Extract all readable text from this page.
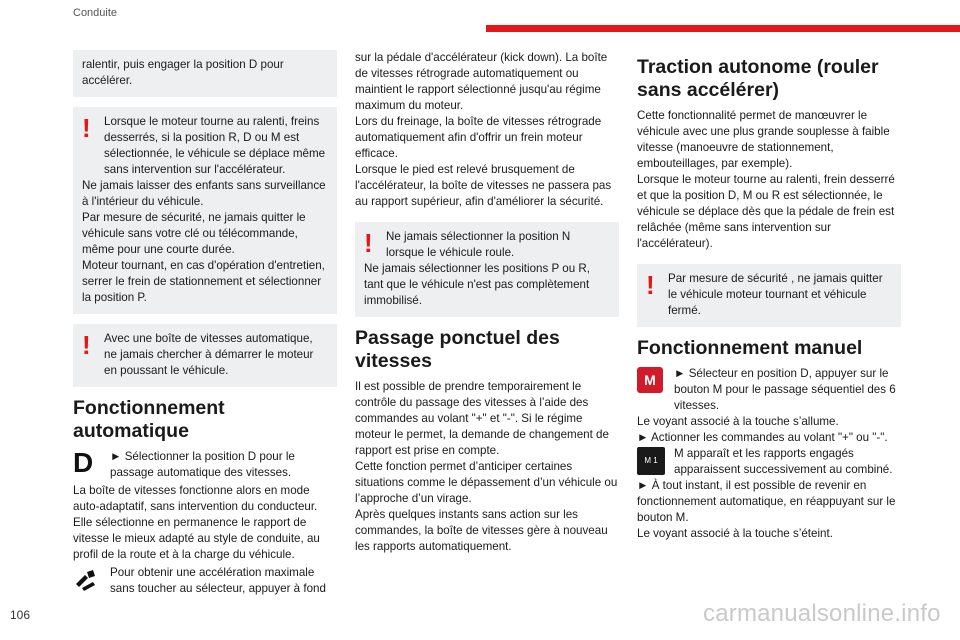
Conduite
ralentir, puis engager la position D pour accélérer.
!	Lorsque le moteur tourne au ralenti, freins desserrés, si la position R, D ou M est sélectionnée, le véhicule se déplace même sans intervention sur l'accélérateur.
Ne jamais laisser des enfants sans surveillance à l'intérieur du véhicule.
Par mesure de sécurité, ne jamais quitter le véhicule sans votre clé ou télécommande, même pour une courte durée.
Moteur tournant, en cas d'opération d'entretien, serrer le frein de stationnement et sélectionner la position P.
!	Avec une boîte de vitesses automatique, ne jamais chercher à démarrer le moteur en poussant le véhicule.
Fonctionnement automatique
D	► Sélectionner la position D pour le passage automatique des vitesses.
La boîte de vitesses fonctionne alors en mode auto-adaptatif, sans intervention du conducteur. Elle sélectionne en permanence le rapport de vitesse le mieux adapté au style de conduite, au profil de la route et à la charge du véhicule.
Pour obtenir une accélération maximale sans toucher au sélecteur, appuyer à fond
sur la pédale d'accélérateur (kick down). La boîte de vitesses rétrograde automatiquement ou maintient le rapport sélectionné jusqu'au régime maximum du moteur.
Lors du freinage, la boîte de vitesses rétrograde automatiquement afin d'offrir un frein moteur efficace.
Lorsque le pied est relevé brusquement de l'accélérateur, la boîte de vitesses ne passera pas au rapport supérieur, afin d'améliorer la sécurité.
!	Ne jamais sélectionner la position N lorsque le véhicule roule.
Ne jamais sélectionner les positions P ou R, tant que le véhicule n'est pas complètement immobilisé.
Passage ponctuel des vitesses
Il est possible de prendre temporairement le contrôle du passage des vitesses à l’aide des commandes au volant "+" et "-". Si le régime moteur le permet, la demande de changement de rapport est prise en compte.
Cette fonction permet d’anticiper certaines situations comme le dépassement d’un véhicule ou l’approche d’un virage.
Après quelques instants sans action sur les commandes, la boîte de vitesses gère à nouveau les rapports automatiquement.
Traction autonome (rouler sans accélérer)
Cette fonctionnalité permet de manœuvrer le véhicule avec une plus grande souplesse à faible vitesse (manoeuvre de stationnement, embouteillages, par exemple).
Lorsque le moteur tourne au ralenti, frein desserré et que la position D, M ou R est sélectionnée, le véhicule se déplace dès que la pédale de frein est relâchée (même sans intervention sur l'accélérateur).
!	Par mesure de sécurité , ne jamais quitter le véhicule moteur tournant et véhicule fermé.
Fonctionnement manuel
M	► Sélecteur en position D, appuyer sur le bouton M pour le passage séquentiel des 6 vitesses.
Le voyant associé à la touche s’allume.
► Actionner les commandes au volant "+" ou "-".
M 1
M apparaît et les rapports engagés apparaissent successivement au combiné.
► À tout instant, il est possible de revenir en fonctionnement automatique, en réappuyant sur le bouton M.
Le voyant associé à la touche s’éteint.
106	carmanualsonline.info
